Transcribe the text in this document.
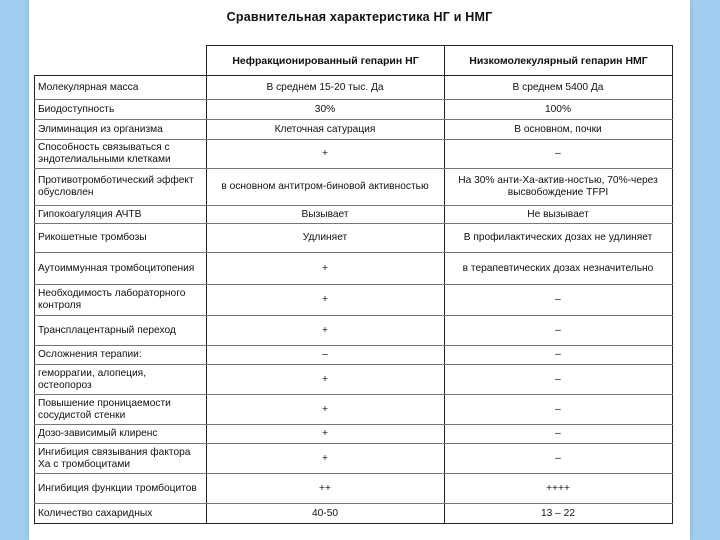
Сравнительная характеристика НГ и НМГ
	Нефракционированный гепарин НГ	Низкомолекулярный гепарин НМГ
Молекулярная масса	В среднем 15-20 тыс. Да	В среднем 5400 Да
Биодоступность	30%	100%
Элиминация из организма	Клеточная сатурация	В основном, почки
Способность связываться с эндотелиальными клетками	+	–
Противотромботический эффект обусловлен	в основном антитром-биновой активностью	На 30% анти-Ха-актив-ностью, 70%-через высвобождение TFPI
Гипокоагуляция АЧТВ	Вызывает	Не вызывает
Рикошетные тромбозы	Удлиняет	В профилактических дозах не удлиняет
Аутоиммунная тромбоцитопения	+	в терапевтических дозах незначительно
Необходимость лабораторного контроля	+	–
Трансплацентарный переход	+	–
Осложнения терапии:	–	–
геморрагии, алопеция, остеопороз	+	–
Повышение проницаемости сосудистой стенки	+	–
Дозо-зависимый клиренс	+	–
Ингибиция связывания фактора Ха с тромбоцитами	+	–
Ингибиция функции тромбоцитов	++	++++
Количество сахаридных	40-50	13 – 22
